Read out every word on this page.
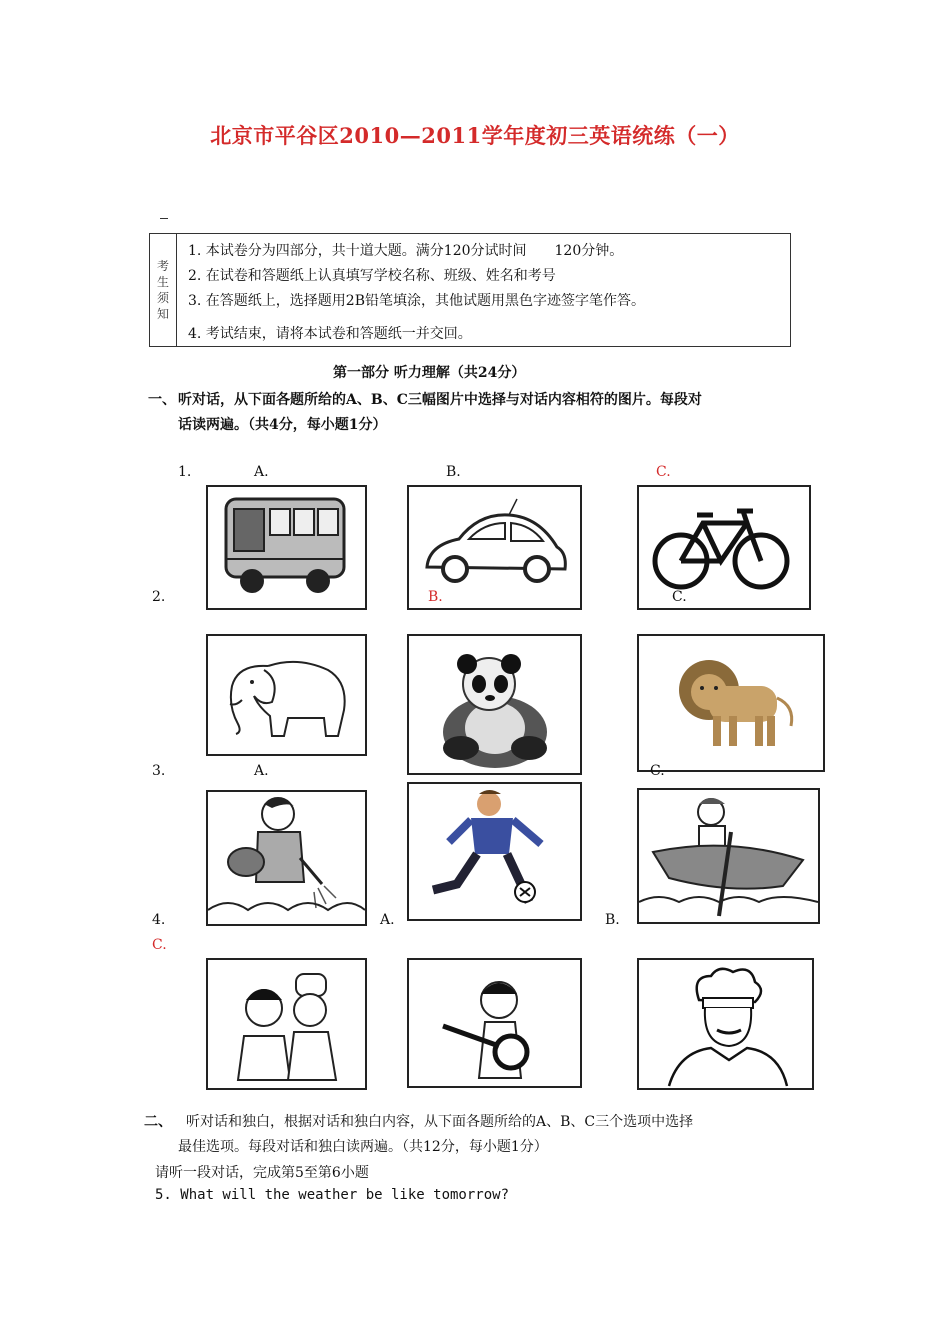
北京市平谷区2010—2011学年度初三英语统练（一）
考
生
须
知
1. 本试卷分为四部分，共十道大题。满分120分试时间　　120分钟。
2. 在试卷和答题纸上认真填写学校名称、班级、姓名和考号
3. 在答题纸上，选择题用2B铅笔填涂，其他试题用黑色字迹签字笔作答。
4. 考试结束，请将本试卷和答题纸一并交回。
第一部分 听力理解（共24分）
一、 听对话，从下面各题所给的A、B、C三幅图片中选择与对话内容相符的图片。每段对
话读两遍。（共4分，每小题1分）
1.	A.	B.	C.
2.	B.	C.
3.	A.	C.
4.	A.	B.
C.
二、 听对话和独白，根据对话和独白内容，从下面各题所给的A、B、C三个选项中选择
最佳选项。每段对话和独白读两遍。（共12分，每小题1分）
请听一段对话，完成第5至第6小题
5. What will the weather be like tomorrow?
